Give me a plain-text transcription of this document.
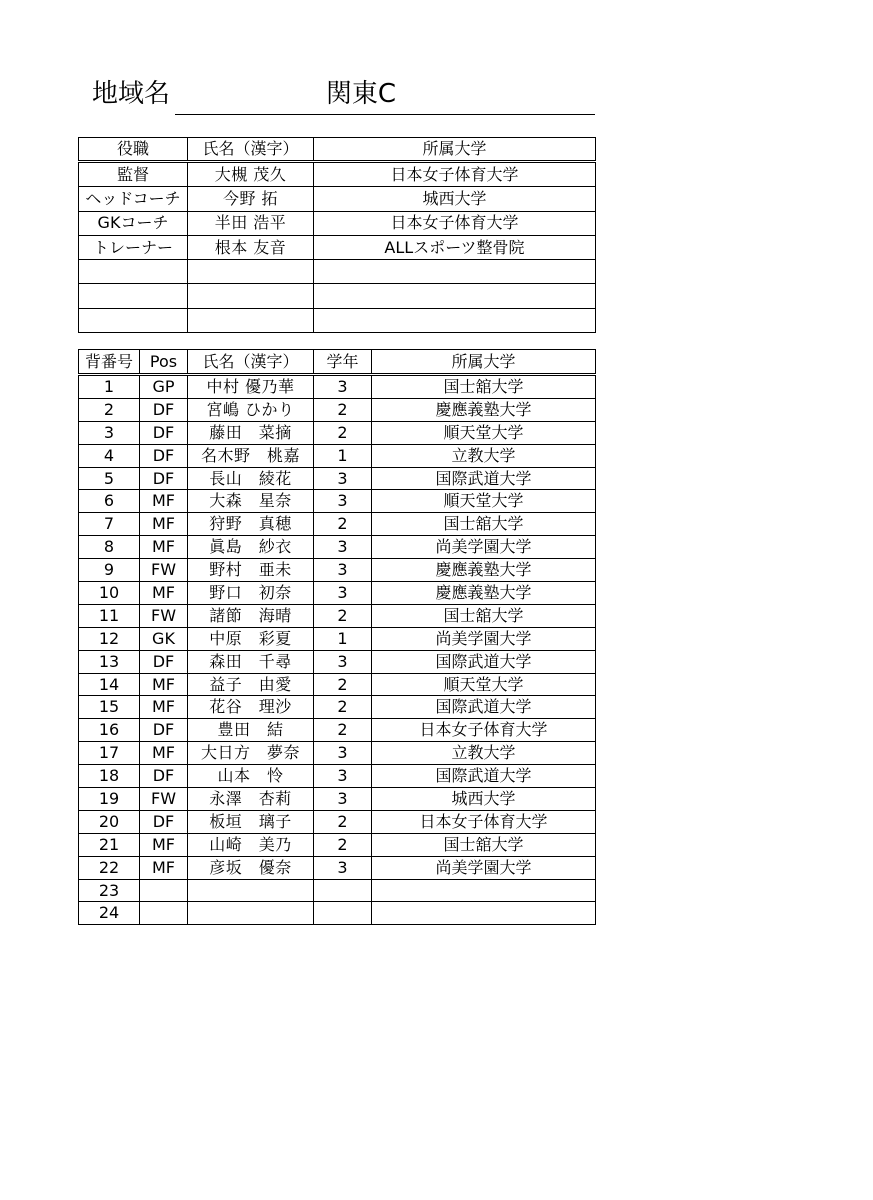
地域名	関東C
役職	氏名（漢字）	所属大学
監督	大槻 茂久	日本女子体育大学
ヘッドコーチ	今野 拓	城西大学
GKコーチ	半田 浩平	日本女子体育大学
トレーナー	根本 友音	ALLスポーツ整骨院

背番号	Pos	氏名（漢字）	学年	所属大学
1	GP	中村 優乃華	3	国士舘大学
2	DF	宮嶋 ひかり	2	慶應義塾大学
3	DF	藤田　菜摘	2	順天堂大学
4	DF	名木野　桃嘉	1	立教大学
5	DF	長山　綾花	3	国際武道大学
6	MF	大森　星奈	3	順天堂大学
7	MF	狩野　真穂	2	国士舘大学
8	MF	眞島　紗衣	3	尚美学園大学
9	FW	野村　亜未	3	慶應義塾大学
10	MF	野口　初奈	3	慶應義塾大学
11	FW	諸節　海晴	2	国士舘大学
12	GK	中原　彩夏	1	尚美学園大学
13	DF	森田　千尋	3	国際武道大学
14	MF	益子　由愛	2	順天堂大学
15	MF	花谷　理沙	2	国際武道大学
16	DF	豊田　結	2	日本女子体育大学
17	MF	大日方　夢奈	3	立教大学
18	DF	山本　怜	3	国際武道大学
19	FW	永澤　杏莉	3	城西大学
20	DF	板垣　璃子	2	日本女子体育大学
21	MF	山崎　美乃	2	国士舘大学
22	MF	彦坂　優奈	3	尚美学園大学
23				
24				
